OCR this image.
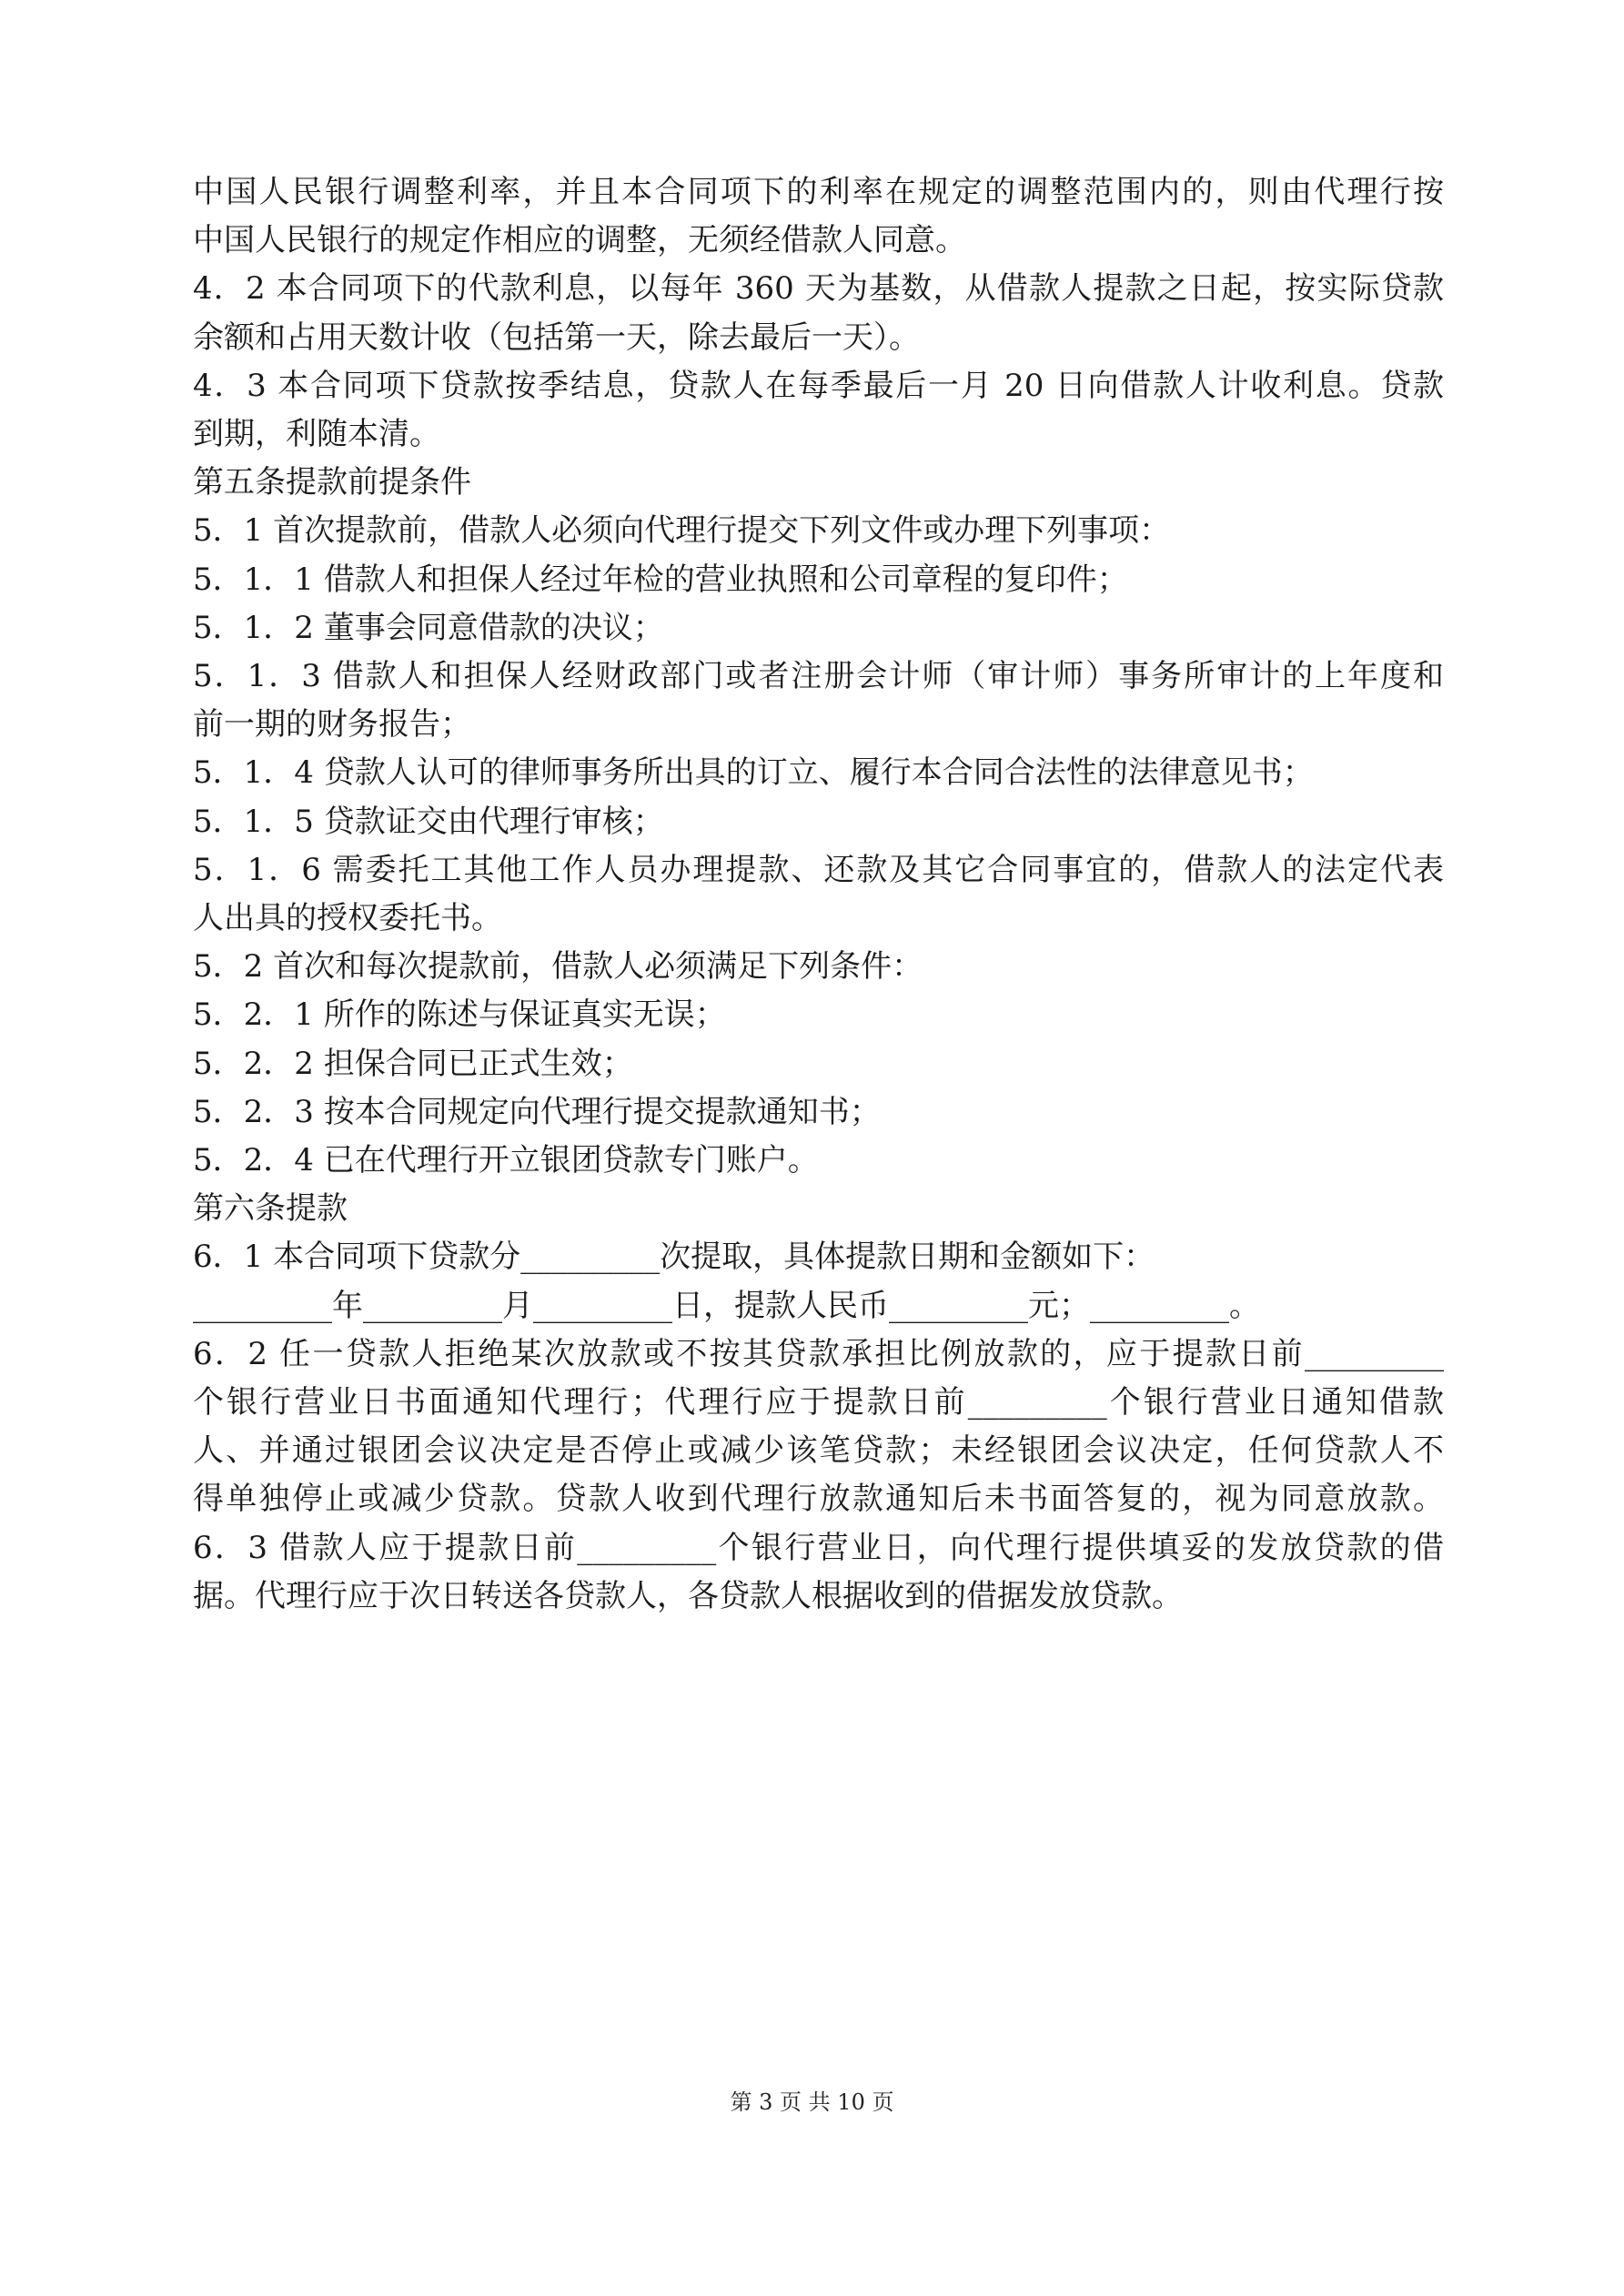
中国人民银行调整利率，并且本合同项下的利率在规定的调整范围内的，则由代理行按
中国人民银行的规定作相应的调整，无须经借款人同意。
4．2 本合同项下的代款利息，以每年 360 天为基数，从借款人提款之日起，按实际贷款
余额和占用天数计收（包括第一天，除去最后一天）。
4．3 本合同项下贷款按季结息，贷款人在每季最后一月 20 日向借款人计收利息。贷款
到期，利随本清。
第五条提款前提条件
5．1 首次提款前，借款人必须向代理行提交下列文件或办理下列事项：
5．1．1 借款人和担保人经过年检的营业执照和公司章程的复印件；
5．1．2 董事会同意借款的决议；
5．1．3 借款人和担保人经财政部门或者注册会计师（审计师）事务所审计的上年度和
前一期的财务报告；
5．1．4 贷款人认可的律师事务所出具的订立、履行本合同合法性的法律意见书；
5．1．5 贷款证交由代理行审核；
5．1．6 需委托工其他工作人员办理提款、还款及其它合同事宜的，借款人的法定代表
人出具的授权委托书。
5．2 首次和每次提款前，借款人必须满足下列条件：
5．2．1 所作的陈述与保证真实无误；
5．2．2 担保合同已正式生效；
5．2．3 按本合同规定向代理行提交提款通知书；
5．2．4 已在代理行开立银团贷款专门账户。
第六条提款
6．1 本合同项下贷款分_________次提取，具体提款日期和金额如下：
_________年_________月_________日，提款人民币_________元；_________。
6．2 任一贷款人拒绝某次放款或不按其贷款承担比例放款的，应于提款日前_________
个银行营业日书面通知代理行；代理行应于提款日前_________个银行营业日通知借款
人、并通过银团会议决定是否停止或减少该笔贷款；未经银团会议决定，任何贷款人不
得单独停止或减少贷款。贷款人收到代理行放款通知后未书面答复的，视为同意放款。
6．3 借款人应于提款日前_________个银行营业日，向代理行提供填妥的发放贷款的借
据。代理行应于次日转送各贷款人，各贷款人根据收到的借据发放贷款。
第 3 页 共 10 页
